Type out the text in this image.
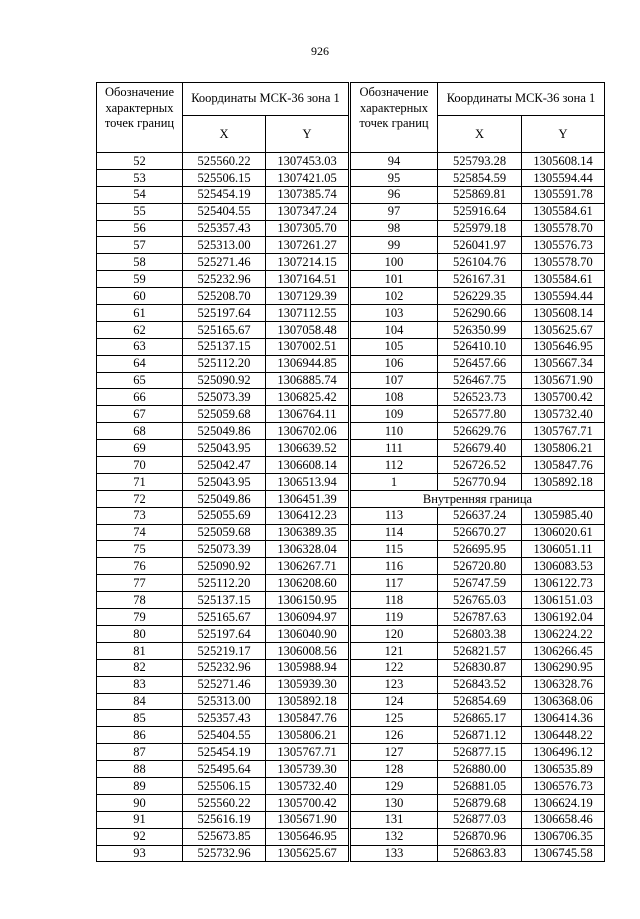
926
Обозначение характерных точек границ	Координаты МСК-36 зона 1	
	X	Y
52	525560.22	1307453.03
53	525506.15	1307421.05
54	525454.19	1307385.74
55	525404.55	1307347.24
56	525357.43	1307305.70
57	525313.00	1307261.27
58	525271.46	1307214.15
59	525232.96	1307164.51
60	525208.70	1307129.39
61	525197.64	1307112.55
62	525165.67	1307058.48
63	525137.15	1307002.51
64	525112.20	1306944.85
65	525090.92	1306885.74
66	525073.39	1306825.42
67	525059.68	1306764.11
68	525049.86	1306702.06
69	525043.95	1306639.52
70	525042.47	1306608.14
71	525043.95	1306513.94
72	525049.86	1306451.39
73	525055.69	1306412.23
74	525059.68	1306389.35
75	525073.39	1306328.04
76	525090.92	1306267.71
77	525112.20	1306208.60
78	525137.15	1306150.95
79	525165.67	1306094.97
80	525197.64	1306040.90
81	525219.17	1306008.56
82	525232.96	1305988.94
83	525271.46	1305939.30
84	525313.00	1305892.18
85	525357.43	1305847.76
86	525404.55	1305806.21
87	525454.19	1305767.71
88	525495.64	1305739.30
89	525506.15	1305732.40
90	525560.22	1305700.42
91	525616.19	1305671.90
92	525673.85	1305646.95
93	525732.96	1305625.67
Обозначение характерных точек границ	Координаты МСК-36 зона 1	
	X	Y
94	525793.28	1305608.14
95	525854.59	1305594.44
96	525869.81	1305591.78
97	525916.64	1305584.61
98	525979.18	1305578.70
99	526041.97	1305576.73
100	526104.76	1305578.70
101	526167.31	1305584.61
102	526229.35	1305594.44
103	526290.66	1305608.14
104	526350.99	1305625.67
105	526410.10	1305646.95
106	526457.66	1305667.34
107	526467.75	1305671.90
108	526523.73	1305700.42
109	526577.80	1305732.40
110	526629.76	1305767.71
111	526679.40	1305806.21
112	526726.52	1305847.76
1	526770.94	1305892.18
Внутренняя граница		
113	526637.24	1305985.40
114	526670.27	1306020.61
115	526695.95	1306051.11
116	526720.80	1306083.53
117	526747.59	1306122.73
118	526765.03	1306151.03
119	526787.63	1306192.04
120	526803.38	1306224.22
121	526821.57	1306266.45
122	526830.87	1306290.95
123	526843.52	1306328.76
124	526854.69	1306368.06
125	526865.17	1306414.36
126	526871.12	1306448.22
127	526877.15	1306496.12
128	526880.00	1306535.89
129	526881.05	1306576.73
130	526879.68	1306624.19
131	526877.03	1306658.46
132	526870.96	1306706.35
133	526863.83	1306745.58
